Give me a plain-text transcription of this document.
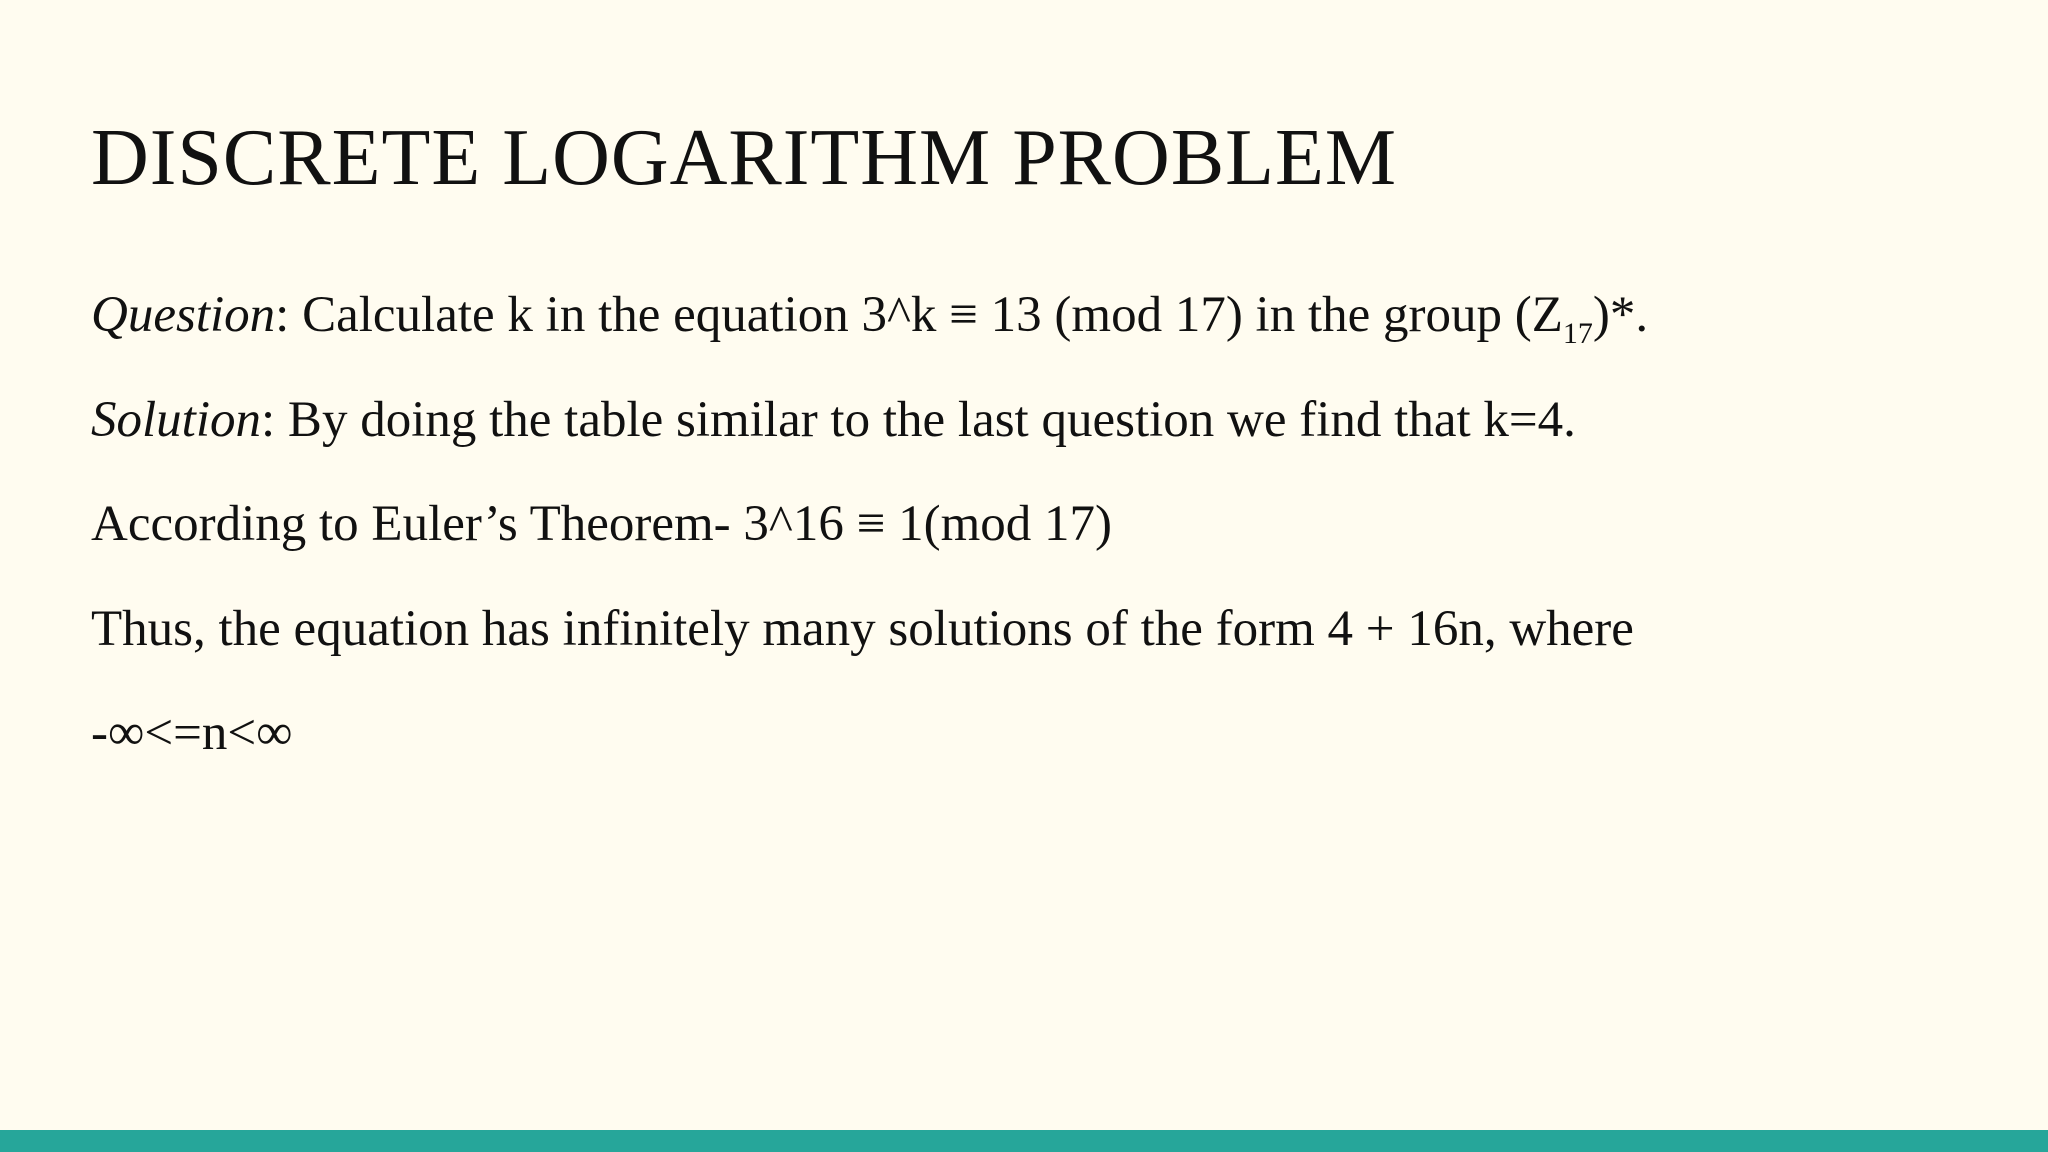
DISCRETE LOGARITHM PROBLEM
Question: Calculate k in the equation 3^k ≡ 13 (mod 17) in the group $(Z_{17})*$.
Solution: By doing the table similar to the last question we find that k=4.
According to Euler’s Theorem- 3^16 ≡ 1(mod 17)
Thus, the equation has infinitely many solutions of the form 4 + 16n, where
-∞<=n<∞
